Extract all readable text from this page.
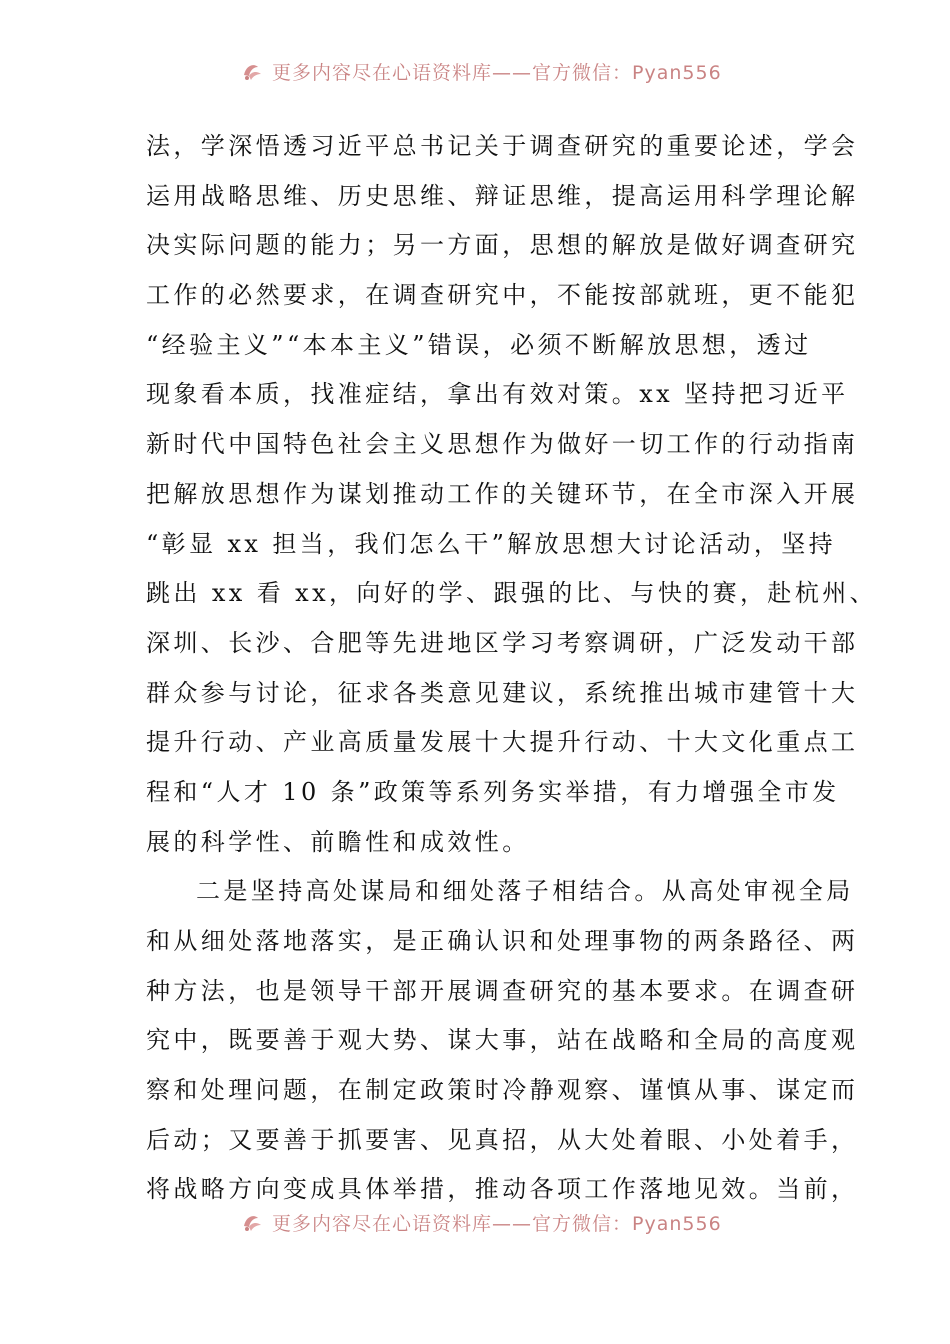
更多内容尽在心语资料库——官方微信：Pyan556
法，学深悟透习近平总书记关于调查研究的重要论述，学会
运用战略思维、历史思维、辩证思维，提高运用科学理论解
决实际问题的能力；另一方面，思想的解放是做好调查研究
工作的必然要求，在调查研究中，不能按部就班，更不能犯
“经验主义”“本本主义”错误，必须不断解放思想，透过
现象看本质，找准症结，拿出有效对策。xx 坚持把习近平
新时代中国特色社会主义思想作为做好一切工作的行动指南
把解放思想作为谋划推动工作的关键环节，在全市深入开展
“彰显 xx 担当，我们怎么干”解放思想大讨论活动，坚持
跳出 xx 看 xx，向好的学、跟强的比、与快的赛，赴杭州、
深圳、长沙、合肥等先进地区学习考察调研，广泛发动干部
群众参与讨论，征求各类意见建议，系统推出城市建管十大
提升行动、产业高质量发展十大提升行动、十大文化重点工
程和“人才 10 条”政策等系列务实举措，有力增强全市发
展的科学性、前瞻性和成效性。
二是坚持高处谋局和细处落子相结合。从高处审视全局
和从细处落地落实，是正确认识和处理事物的两条路径、两
种方法，也是领导干部开展调查研究的基本要求。在调查研
究中，既要善于观大势、谋大事，站在战略和全局的高度观
察和处理问题，在制定政策时冷静观察、谨慎从事、谋定而
后动；又要善于抓要害、见真招，从大处着眼、小处着手，
将战略方向变成具体举措，推动各项工作落地见效。当前，
更多内容尽在心语资料库——官方微信：Pyan556
